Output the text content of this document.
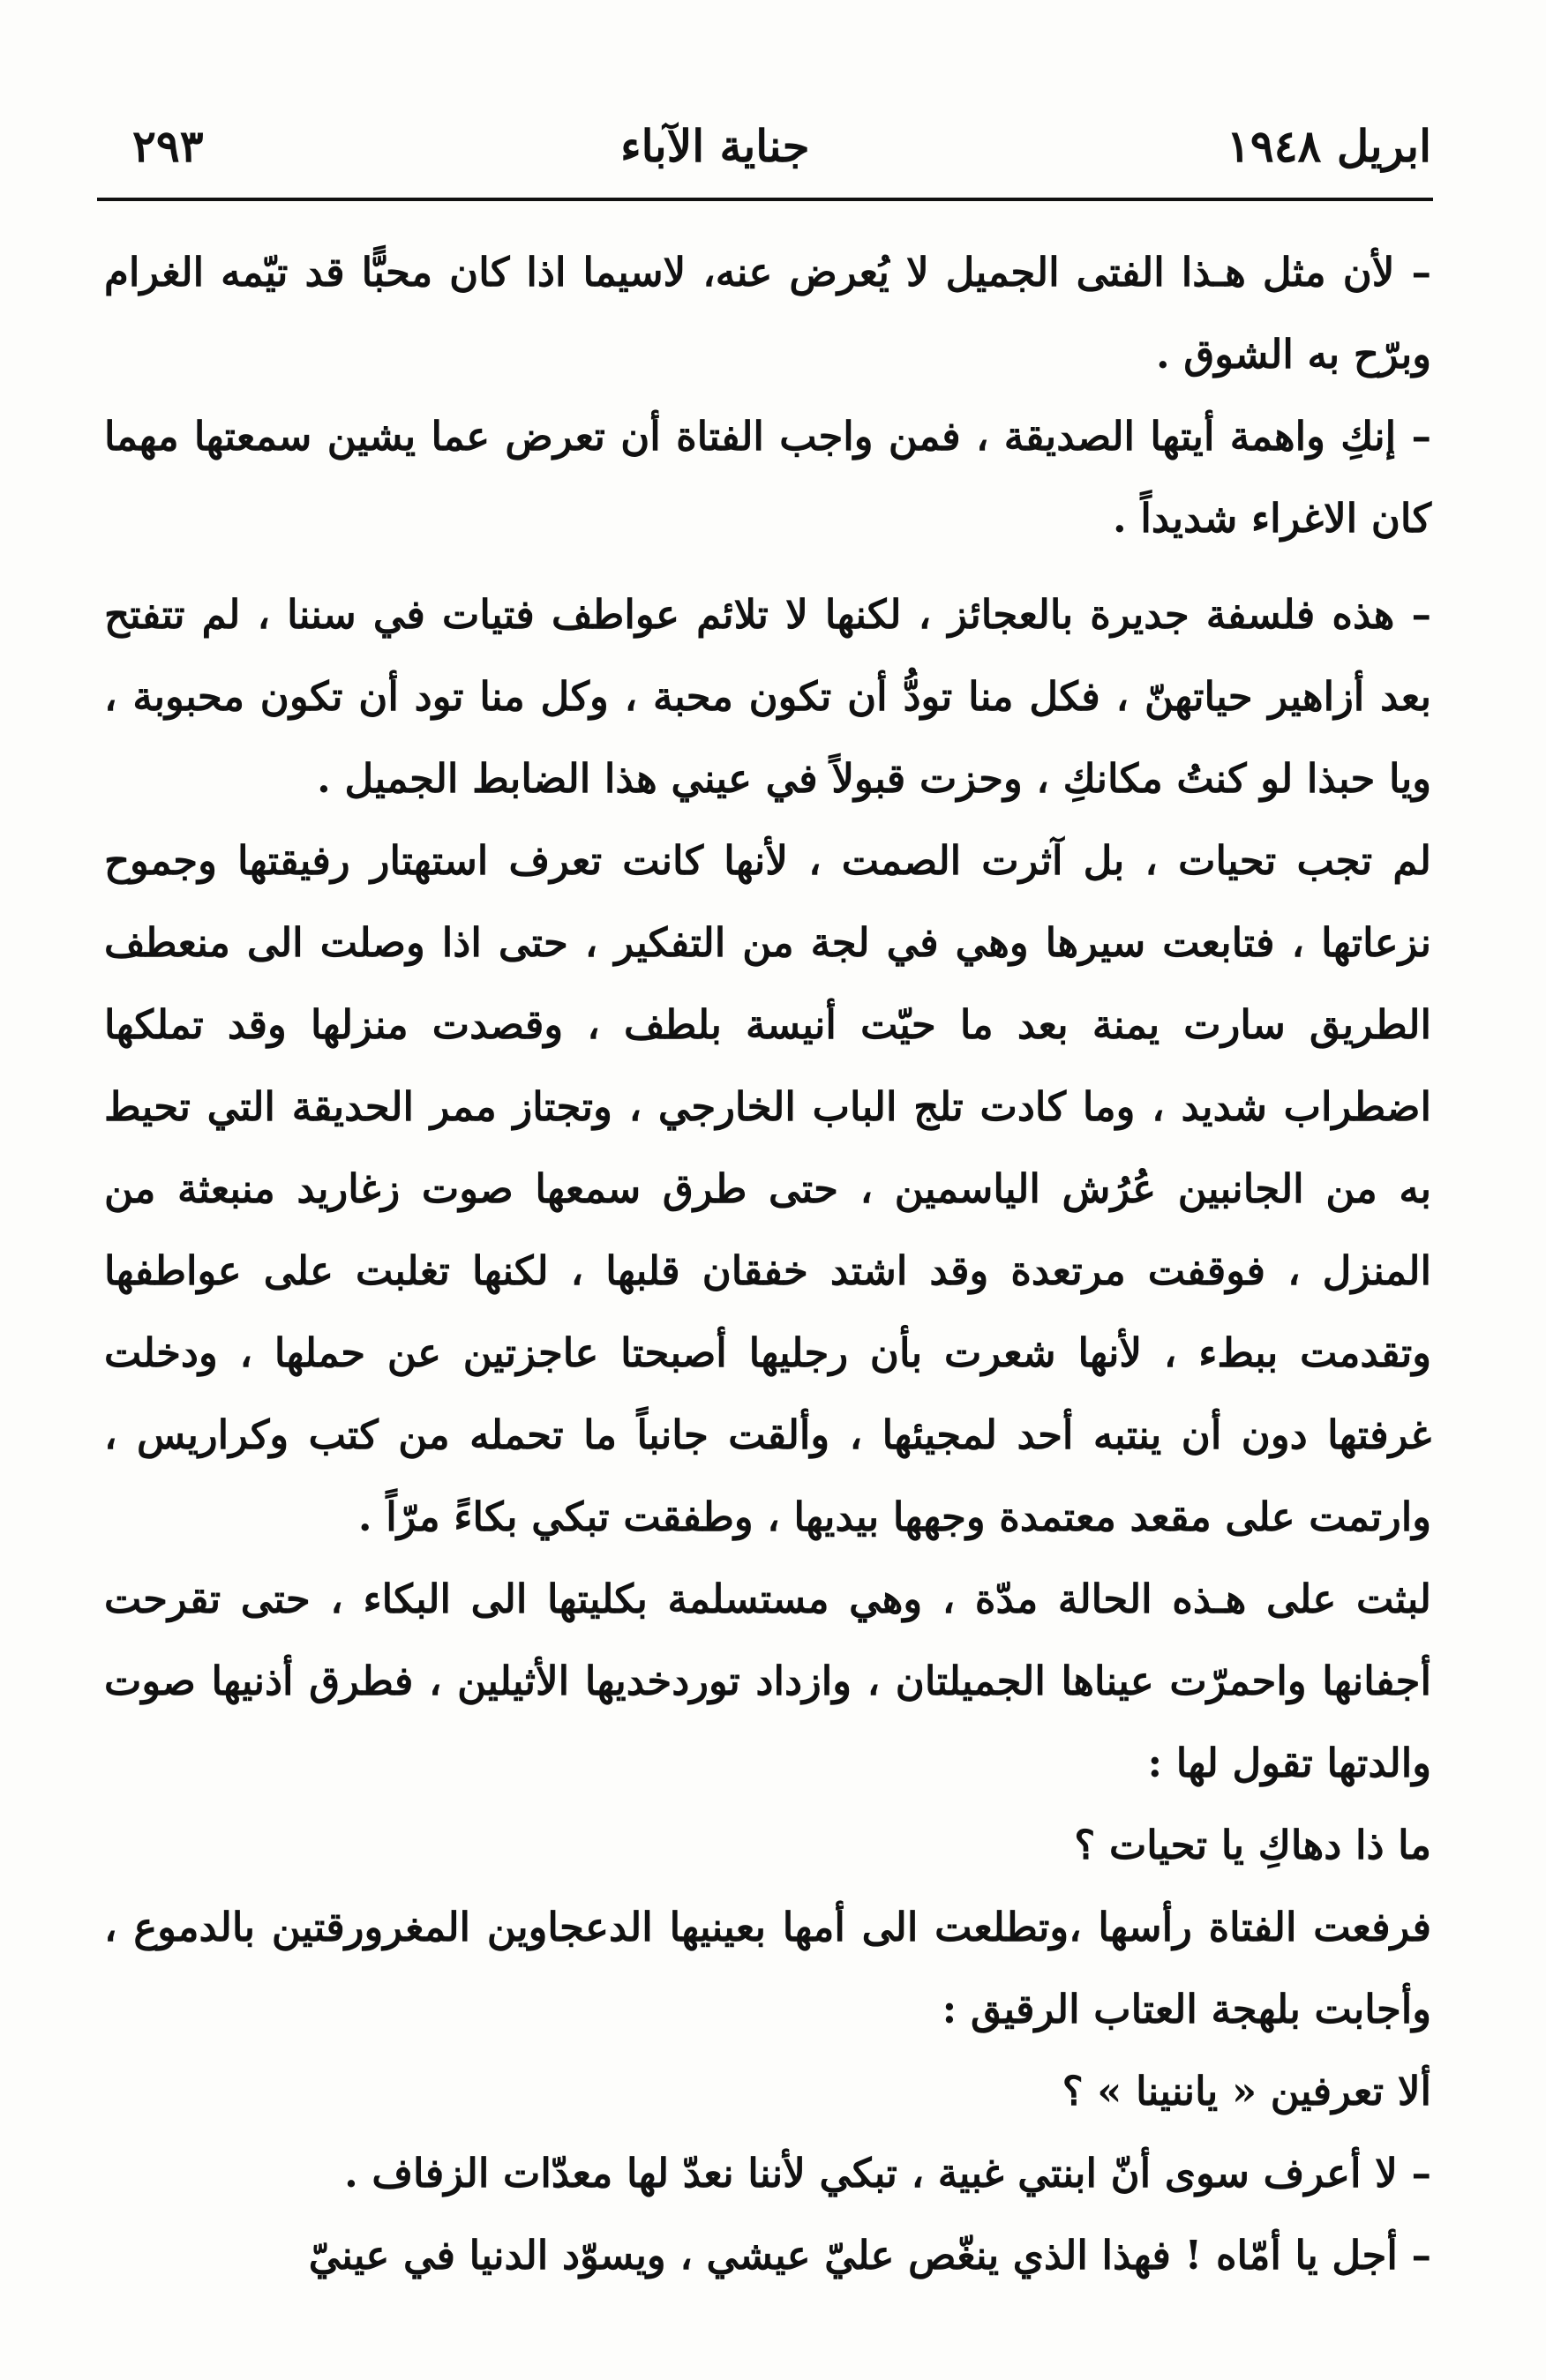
ابريل ١٩٤٨
جناية الآباء
٢٩٣

– لأن مثل هـذا الفتى الجميل لا يُعرض عنه، لاسيما اذا كان محبًّا قد تيّمه الغرام وبرّح به الشوق .

– إنكِ واهمة أيتها الصديقة ، فمن واجب الفتاة أن تعرض عما يشين سمعتها مهما كان الاغراء شديداً .

– هذه فلسفة جديرة بالعجائز ، لكنها لا تلائم عواطف فتيات في سننا ، لم تتفتح بعد أزاهير حياتهنّ ، فكل منا تودُّ أن تكون محبة ، وكل منا تود أن تكون محبوبة ، ويا حبذا لو كنتُ مكانكِ ، وحزت قبولاً في عيني هذا الضابط الجميل .

لم تجب تحيات ، بل آثرت الصمت ، لأنها كانت تعرف استهتار رفيقتها وجموح نزعاتها ، فتابعت سيرها وهي في لجة من التفكير ، حتى اذا وصلت الى منعطف الطريق سارت يمنة بعد ما حيّت أنيسة بلطف ، وقصدت منزلها وقد تملكها اضطراب شديد ، وما كادت تلج الباب الخارجي ، وتجتاز ممر الحديقة التي تحيط به من الجانبين عُرُش الياسمين ، حتى طرق سمعها صوت زغاريد منبعثة من المنزل ، فوقفت مرتعدة وقد اشتد خفقان قلبها ، لكنها تغلبت على عواطفها وتقدمت ببطء ، لأنها شعرت بأن رجليها أصبحتا عاجزتين عن حملها ، ودخلت غرفتها دون أن ينتبه أحد لمجيئها ، وألقت جانباً ما تحمله من كتب وكراريس ، وارتمت على مقعد معتمدة وجهها بيديها ، وطفقت تبكي بكاءً مرّاً .

لبثت على هـذه الحالة مدّة ، وهي مستسلمة بكليتها الى البكاء ، حتى تقرحت أجفانها واحمرّت عيناها الجميلتان ، وازداد توردخديها الأثيلين ، فطرق أذنيها صوت والدتها تقول لها :

ما ذا دهاكِ يا تحيات ؟

فرفعت الفتاة رأسها ،وتطلعت الى أمها بعينيها الدعجاوين المغرورقتين بالدموع ، وأجابت بلهجة العتاب الرقيق :

ألا تعرفين « ياننينا » ؟

– لا أعرف سوى أنّ ابنتي غبية ، تبكي لأننا نعدّ لها معدّات الزفاف .

– أجل يا أمّاه ! فهذا الذي ينغّص عليّ عيشي ، ويسوّد الدنيا في عينيّ
